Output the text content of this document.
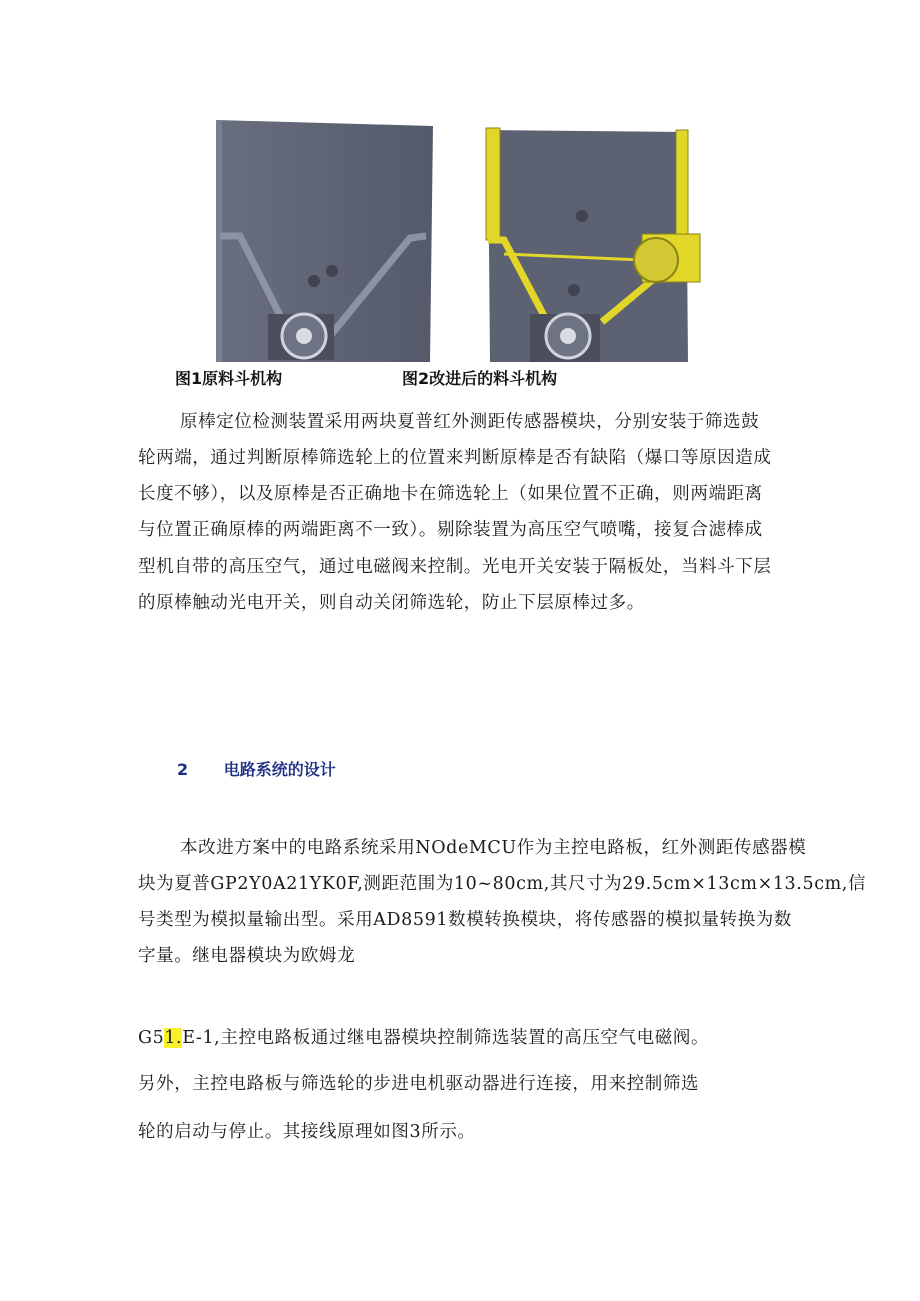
图1原料斗机构	图2改进后的料斗机构
原棒定位检测装置采用两块夏普红外测距传感器模块，分别安装于筛选鼓
轮两端，通过判断原棒筛选轮上的位置来判断原棒是否有缺陷（爆口等原因造成
长度不够），以及原棒是否正确地卡在筛选轮上（如果位置不正确，则两端距离
与位置正确原棒的两端距离不一致）。剔除装置为高压空气喷嘴，接复合滤棒成
型机自带的高压空气，通过电磁阀来控制。光电开关安装于隔板处，当料斗下层
的原棒触动光电开关，则自动关闭筛选轮，防止下层原棒过多。
2 电路系统的设计
本改进方案中的电路系统采用NOdeMCU作为主控电路板，红外测距传感器模
块为夏普GP2Y0A21YK0F,测距范围为10~80cm,其尺寸为29.5cm×13cm×13.5cm,信
号类型为模拟量输出型。采用AD8591数模转换模块，将传感器的模拟量转换为数
字量。继电器模块为欧姆龙
G51.E-1,主控电路板通过继电器模块控制筛选装置的高压空气电磁阀。
另外，主控电路板与筛选轮的步进电机驱动器进行连接，用来控制筛选
轮的启动与停止。其接线原理如图3所示。
